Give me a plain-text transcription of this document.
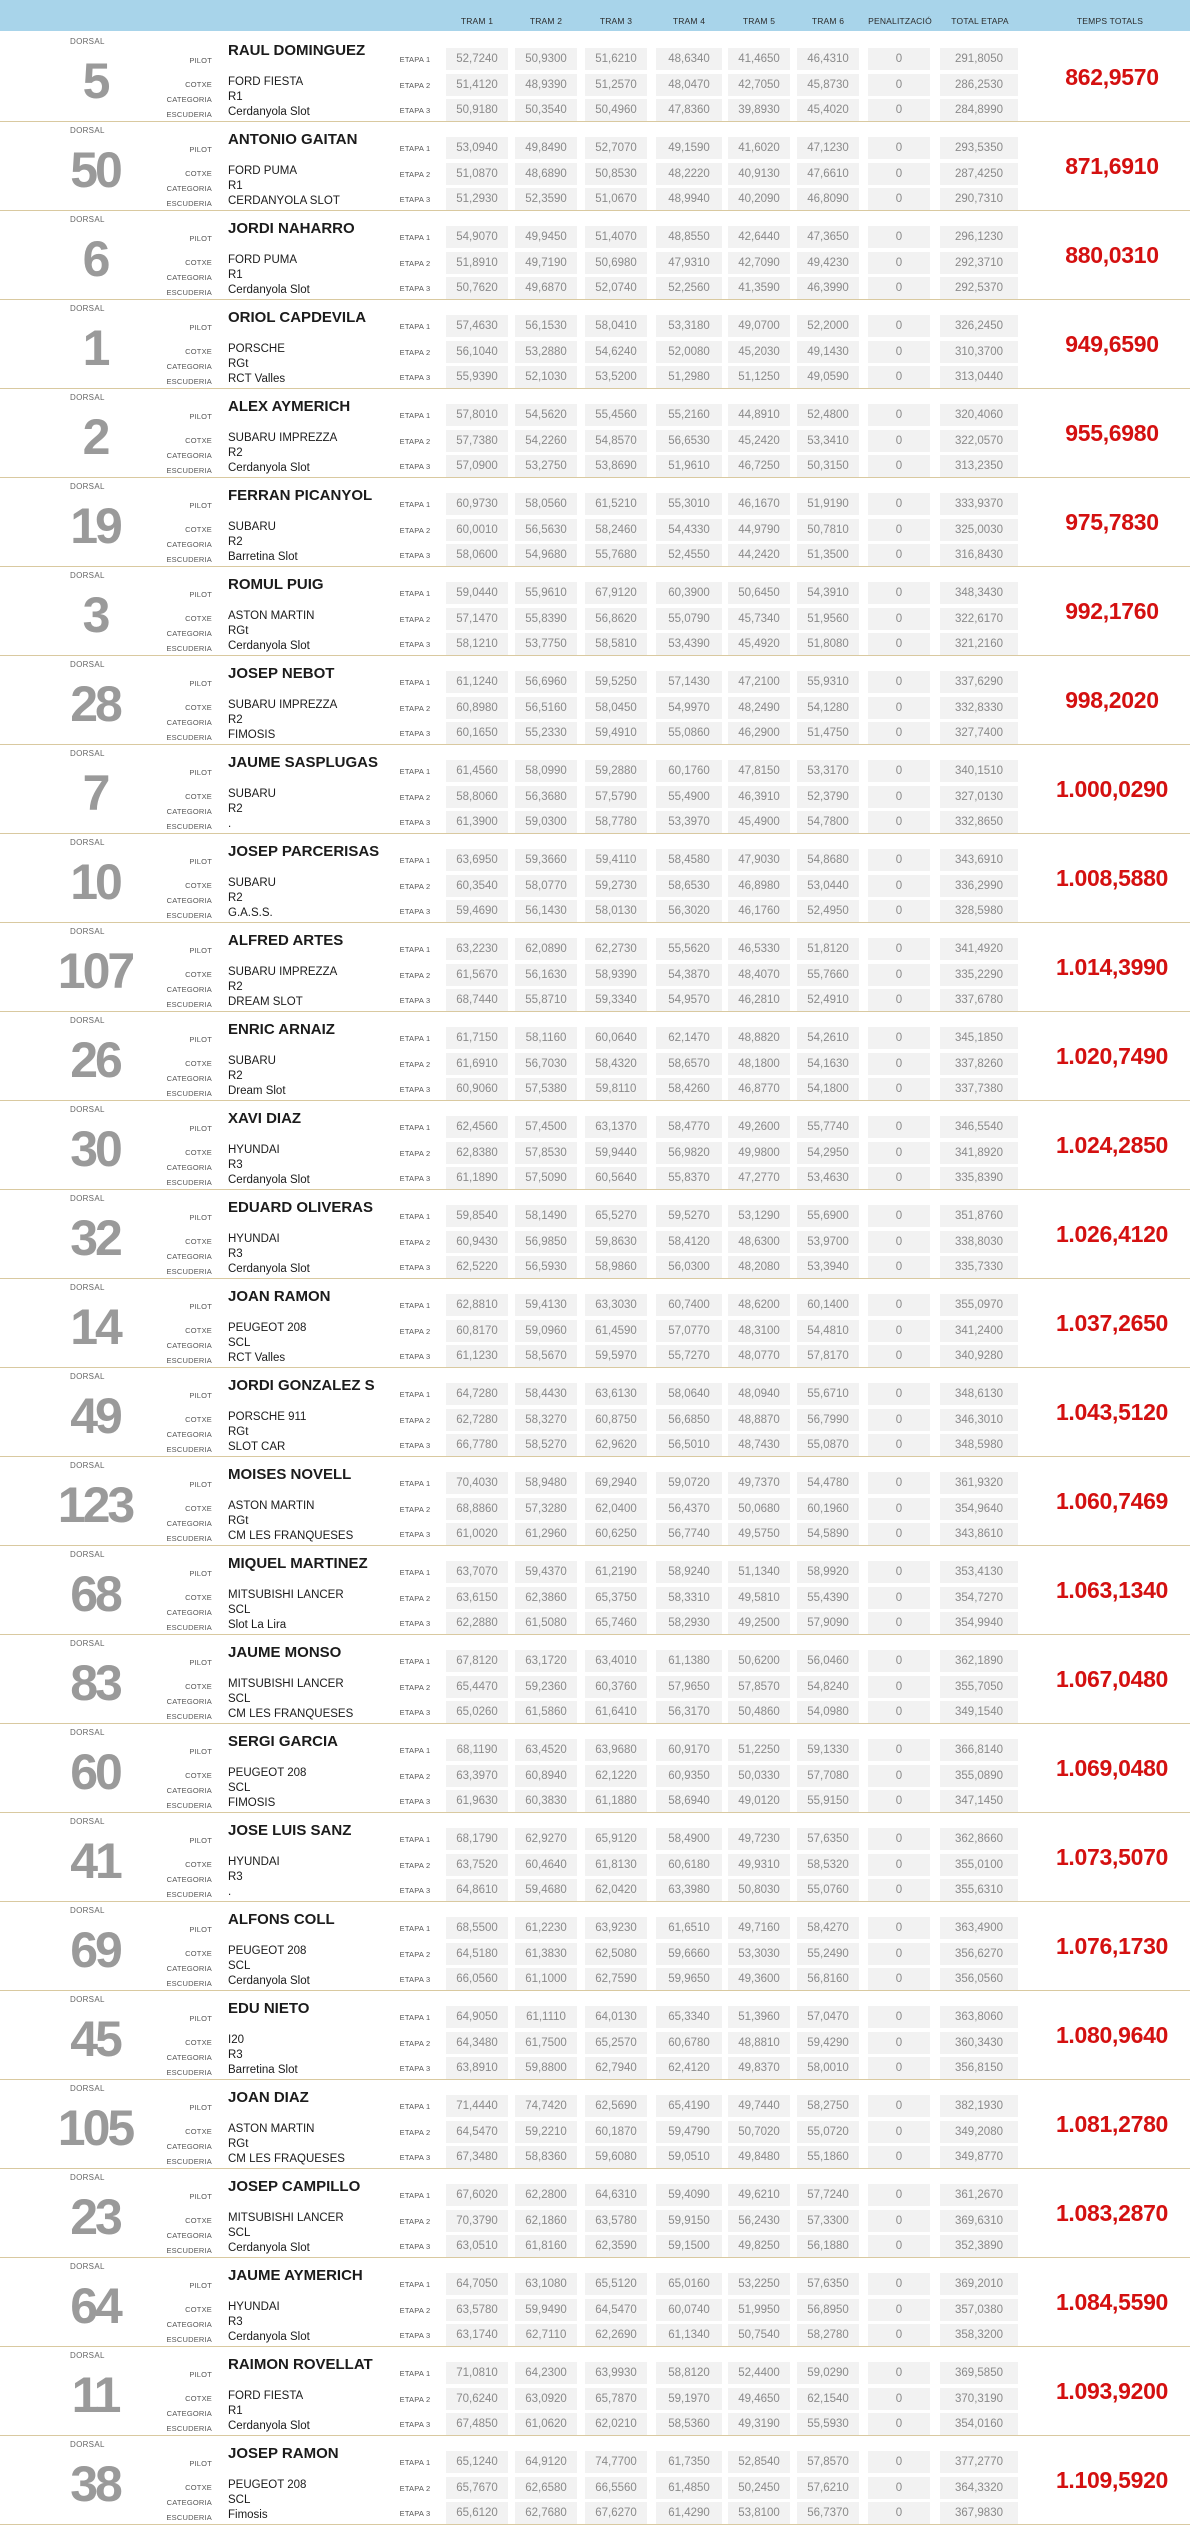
TRAM 1	TRAM 2	TRAM 3	TRAM 4	TRAM 5	TRAM 6	PENALITZACIÓ	TOTAL ETAPA	TEMPS TOTALS
DORSAL
5	PILOT
RAUL DOMINGUEZ
COTXE FORD FIESTA
CATEGORIA R1
ESCUDERIA Cerdanyola Slot
ETAPA 1	52,7240	50,9300	51,6210	48,6340	41,4650	46,4310	0	291,8050
ETAPA 2	51,4120	48,9390	51,2570	48,0470	42,7050	45,8730	0	286,2530
ETAPA 3	50,9180	50,3540	50,4960	47,8360	39,8930	45,4020	0	284,8990
862,9570
DORSAL
50	PILOT
ANTONIO GAITAN
COTXE FORD PUMA
CATEGORIA R1
ESCUDERIA CERDANYOLA SLOT
ETAPA 1	53,0940	49,8490	52,7070	49,1590	41,6020	47,1230	0	293,5350
ETAPA 2	51,0870	48,6890	50,8530	48,2220	40,9130	47,6610	0	287,4250
ETAPA 3	51,2930	52,3590	51,0670	48,9940	40,2090	46,8090	0	290,7310
871,6910
DORSAL
6	PILOT
JORDI NAHARRO
COTXE FORD PUMA
CATEGORIA R1
ESCUDERIA Cerdanyola Slot
ETAPA 1	54,9070	49,9450	51,4070	48,8550	42,6440	47,3650	0	296,1230
ETAPA 2	51,8910	49,7190	50,6980	47,9310	42,7090	49,4230	0	292,3710
ETAPA 3	50,7620	49,6870	52,0740	52,2560	41,3590	46,3990	0	292,5370
880,0310
DORSAL
1	PILOT
ORIOL CAPDEVILA
COTXE PORSCHE
CATEGORIA RGt
ESCUDERIA RCT Valles
ETAPA 1	57,4630	56,1530	58,0410	53,3180	49,0700	52,2000	0	326,2450
ETAPA 2	56,1040	53,2880	54,6240	52,0080	45,2030	49,1430	0	310,3700
ETAPA 3	55,9390	52,1030	53,5200	51,2980	51,1250	49,0590	0	313,0440
949,6590
DORSAL
2	PILOT
ALEX AYMERICH
COTXE SUBARU IMPREZZA
CATEGORIA R2
ESCUDERIA Cerdanyola Slot
ETAPA 1	57,8010	54,5620	55,4560	55,2160	44,8910	52,4800	0	320,4060
ETAPA 2	57,7380	54,2260	54,8570	56,6530	45,2420	53,3410	0	322,0570
ETAPA 3	57,0900	53,2750	53,8690	51,9610	46,7250	50,3150	0	313,2350
955,6980
DORSAL
19	PILOT
FERRAN PICANYOL
COTXE SUBARU
CATEGORIA R2
ESCUDERIA Barretina Slot
ETAPA 1	60,9730	58,0560	61,5210	55,3010	46,1670	51,9190	0	333,9370
ETAPA 2	60,0010	56,5630	58,2460	54,4330	44,9790	50,7810	0	325,0030
ETAPA 3	58,0600	54,9680	55,7680	52,4550	44,2420	51,3500	0	316,8430
975,7830
DORSAL
3	PILOT
ROMUL PUIG
COTXE ASTON MARTIN
CATEGORIA RGt
ESCUDERIA Cerdanyola Slot
ETAPA 1	59,0440	55,9610	67,9120	60,3900	50,6450	54,3910	0	348,3430
ETAPA 2	57,1470	55,8390	56,8620	55,0790	45,7340	51,9560	0	322,6170
ETAPA 3	58,1210	53,7750	58,5810	53,4390	45,4920	51,8080	0	321,2160
992,1760
DORSAL
28	PILOT
JOSEP NEBOT
COTXE SUBARU IMPREZZA
CATEGORIA R2
ESCUDERIA FIMOSIS
ETAPA 1	61,1240	56,6960	59,5250	57,1430	47,2100	55,9310	0	337,6290
ETAPA 2	60,8980	56,5160	58,0450	54,9970	48,2490	54,1280	0	332,8330
ETAPA 3	60,1650	55,2330	59,4910	55,0860	46,2900	51,4750	0	327,7400
998,2020
DORSAL
7	PILOT
JAUME SASPLUGAS
COTXE SUBARU
CATEGORIA R2
ESCUDERIA .
ETAPA 1	61,4560	58,0990	59,2880	60,1760	47,8150	53,3170	0	340,1510
ETAPA 2	58,8060	56,3680	57,5790	55,4900	46,3910	52,3790	0	327,0130
ETAPA 3	61,3900	59,0300	58,7780	53,3970	45,4900	54,7800	0	332,8650
1.000,0290
DORSAL
10	PILOT
JOSEP PARCERISAS
COTXE SUBARU
CATEGORIA R2
ESCUDERIA G.A.S.S.
ETAPA 1	63,6950	59,3660	59,4110	58,4580	47,9030	54,8680	0	343,6910
ETAPA 2	60,3540	58,0770	59,2730	58,6530	46,8980	53,0440	0	336,2990
ETAPA 3	59,4690	56,1430	58,0130	56,3020	46,1760	52,4950	0	328,5980
1.008,5880
DORSAL
107	PILOT
ALFRED ARTES
COTXE SUBARU IMPREZZA
CATEGORIA R2
ESCUDERIA DREAM SLOT
ETAPA 1	63,2230	62,0890	62,2730	55,5620	46,5330	51,8120	0	341,4920
ETAPA 2	61,5670	56,1630	58,9390	54,3870	48,4070	55,7660	0	335,2290
ETAPA 3	68,7440	55,8710	59,3340	54,9570	46,2810	52,4910	0	337,6780
1.014,3990
DORSAL
26	PILOT
ENRIC ARNAIZ
COTXE SUBARU
CATEGORIA R2
ESCUDERIA Dream Slot
ETAPA 1	61,7150	58,1160	60,0640	62,1470	48,8820	54,2610	0	345,1850
ETAPA 2	61,6910	56,7030	58,4320	58,6570	48,1800	54,1630	0	337,8260
ETAPA 3	60,9060	57,5380	59,8110	58,4260	46,8770	54,1800	0	337,7380
1.020,7490
DORSAL
30	PILOT
XAVI DIAZ
COTXE HYUNDAI
CATEGORIA R3
ESCUDERIA Cerdanyola Slot
ETAPA 1	62,4560	57,4500	63,1370	58,4770	49,2600	55,7740	0	346,5540
ETAPA 2	62,8380	57,8530	59,9440	56,9820	49,9800	54,2950	0	341,8920
ETAPA 3	61,1890	57,5090	60,5640	55,8370	47,2770	53,4630	0	335,8390
1.024,2850
DORSAL
32	PILOT
EDUARD OLIVERAS
COTXE HYUNDAI
CATEGORIA R3
ESCUDERIA Cerdanyola Slot
ETAPA 1	59,8540	58,1490	65,5270	59,5270	53,1290	55,6900	0	351,8760
ETAPA 2	60,9430	56,9850	59,8630	58,4120	48,6300	53,9700	0	338,8030
ETAPA 3	62,5220	56,5930	58,9860	56,0300	48,2080	53,3940	0	335,7330
1.026,4120
DORSAL
14	PILOT
JOAN RAMON
COTXE PEUGEOT 208
CATEGORIA SCL
ESCUDERIA RCT Valles
ETAPA 1	62,8810	59,4130	63,3030	60,7400	48,6200	60,1400	0	355,0970
ETAPA 2	60,8170	59,0960	61,4590	57,0770	48,3100	54,4810	0	341,2400
ETAPA 3	61,1230	58,5670	59,5970	55,7270	48,0770	57,8170	0	340,9280
1.037,2650
DORSAL
49	PILOT
JORDI GONZALEZ S
COTXE PORSCHE 911
CATEGORIA RGt
ESCUDERIA SLOT CAR
ETAPA 1	64,7280	58,4430	63,6130	58,0640	48,0940	55,6710	0	348,6130
ETAPA 2	62,7280	58,3270	60,8750	56,6850	48,8870	56,7990	0	346,3010
ETAPA 3	66,7780	58,5270	62,9620	56,5010	48,7430	55,0870	0	348,5980
1.043,5120
DORSAL
123	PILOT
MOISES NOVELL
COTXE ASTON MARTIN
CATEGORIA RGt
ESCUDERIA CM LES FRANQUESES
ETAPA 1	70,4030	58,9480	69,2940	59,0720	49,7370	54,4780	0	361,9320
ETAPA 2	68,8860	57,3280	62,0400	56,4370	50,0680	60,1960	0	354,9640
ETAPA 3	61,0020	61,2960	60,6250	56,7740	49,5750	54,5890	0	343,8610
1.060,7469
DORSAL
68	PILOT
MIQUEL MARTINEZ
COTXE MITSUBISHI LANCER
CATEGORIA SCL
ESCUDERIA Slot La Lira
ETAPA 1	63,7070	59,4370	61,2190	58,9240	51,1340	58,9920	0	353,4130
ETAPA 2	63,6150	62,3860	65,3750	58,3310	49,5810	55,4390	0	354,7270
ETAPA 3	62,2880	61,5080	65,7460	58,2930	49,2500	57,9090	0	354,9940
1.063,1340
DORSAL
83	PILOT
JAUME MONSO
COTXE MITSUBISHI LANCER
CATEGORIA SCL
ESCUDERIA CM LES FRANQUESES
ETAPA 1	67,8120	63,1720	63,4010	61,1380	50,6200	56,0460	0	362,1890
ETAPA 2	65,4470	59,2360	60,3760	57,9650	57,8570	54,8240	0	355,7050
ETAPA 3	65,0260	61,5860	61,6410	56,3170	50,4860	54,0980	0	349,1540
1.067,0480
DORSAL
60	PILOT
SERGI GARCIA
COTXE PEUGEOT 208
CATEGORIA SCL
ESCUDERIA FIMOSIS
ETAPA 1	68,1190	63,4520	63,9680	60,9170	51,2250	59,1330	0	366,8140
ETAPA 2	63,3970	60,8940	62,1220	60,9350	50,0330	57,7080	0	355,0890
ETAPA 3	61,9630	60,3830	61,1880	58,6940	49,0120	55,9150	0	347,1450
1.069,0480
DORSAL
41	PILOT
JOSE LUIS SANZ
COTXE HYUNDAI
CATEGORIA R3
ESCUDERIA .
ETAPA 1	68,1790	62,9270	65,9120	58,4900	49,7230	57,6350	0	362,8660
ETAPA 2	63,7520	60,4640	61,8130	60,6180	49,9310	58,5320	0	355,0100
ETAPA 3	64,8610	59,4680	62,0420	63,3980	50,8030	55,0760	0	355,6310
1.073,5070
DORSAL
69	PILOT
ALFONS COLL
COTXE PEUGEOT 208
CATEGORIA SCL
ESCUDERIA Cerdanyola Slot
ETAPA 1	68,5500	61,2230	63,9230	61,6510	49,7160	58,4270	0	363,4900
ETAPA 2	64,5180	61,3830	62,5080	59,6660	53,3030	55,2490	0	356,6270
ETAPA 3	66,0560	61,1000	62,7590	59,9650	49,3600	56,8160	0	356,0560
1.076,1730
DORSAL
45	PILOT
EDU NIETO
COTXE I20
CATEGORIA R3
ESCUDERIA Barretina Slot
ETAPA 1	64,9050	61,1110	64,0130	65,3340	51,3960	57,0470	0	363,8060
ETAPA 2	64,3480	61,7500	65,2570	60,6780	48,8810	59,4290	0	360,3430
ETAPA 3	63,8910	59,8800	62,7940	62,4120	49,8370	58,0010	0	356,8150
1.080,9640
DORSAL
105	PILOT
JOAN DIAZ
COTXE ASTON MARTIN
CATEGORIA RGt
ESCUDERIA CM LES FRAQUESES
ETAPA 1	71,4440	74,7420	62,5690	65,4190	49,7440	58,2750	0	382,1930
ETAPA 2	64,5470	59,2210	60,1870	59,4790	50,7020	55,0720	0	349,2080
ETAPA 3	67,3480	58,8360	59,6080	59,0510	49,8480	55,1860	0	349,8770
1.081,2780
DORSAL
23	PILOT
JOSEP CAMPILLO
COTXE MITSUBISHI LANCER
CATEGORIA SCL
ESCUDERIA Cerdanyola Slot
ETAPA 1	67,6020	62,2800	64,6310	59,4090	49,6210	57,7240	0	361,2670
ETAPA 2	70,3790	62,1860	63,5780	59,9150	56,2430	57,3300	0	369,6310
ETAPA 3	63,0510	61,8160	62,3590	59,1500	49,8250	56,1880	0	352,3890
1.083,2870
DORSAL
64	PILOT
JAUME AYMERICH
COTXE HYUNDAI
CATEGORIA R3
ESCUDERIA Cerdanyola Slot
ETAPA 1	64,7050	63,1080	65,5120	65,0160	53,2250	57,6350	0	369,2010
ETAPA 2	63,5780	59,9490	64,5470	60,0740	51,9950	56,8950	0	357,0380
ETAPA 3	63,1740	62,7110	62,2690	61,1340	50,7540	58,2780	0	358,3200
1.084,5590
DORSAL
11	PILOT
RAIMON ROVELLAT
COTXE FORD FIESTA
CATEGORIA R1
ESCUDERIA Cerdanyola Slot
ETAPA 1	71,0810	64,2300	63,9930	58,8120	52,4400	59,0290	0	369,5850
ETAPA 2	70,6240	63,0920	65,7870	59,1970	49,4650	62,1540	0	370,3190
ETAPA 3	67,4850	61,0620	62,0210	58,5360	49,3190	55,5930	0	354,0160
1.093,9200
DORSAL
38	PILOT
JOSEP RAMON
COTXE PEUGEOT 208
CATEGORIA SCL
ESCUDERIA Fimosis
ETAPA 1	65,1240	64,9120	74,7700	61,7350	52,8540	57,8570	0	377,2770
ETAPA 2	65,7670	62,6580	66,5560	61,4850	50,2450	57,6210	0	364,3320
ETAPA 3	65,6120	62,7680	67,6270	61,4290	53,8100	56,7370	0	367,9830
1.109,5920
